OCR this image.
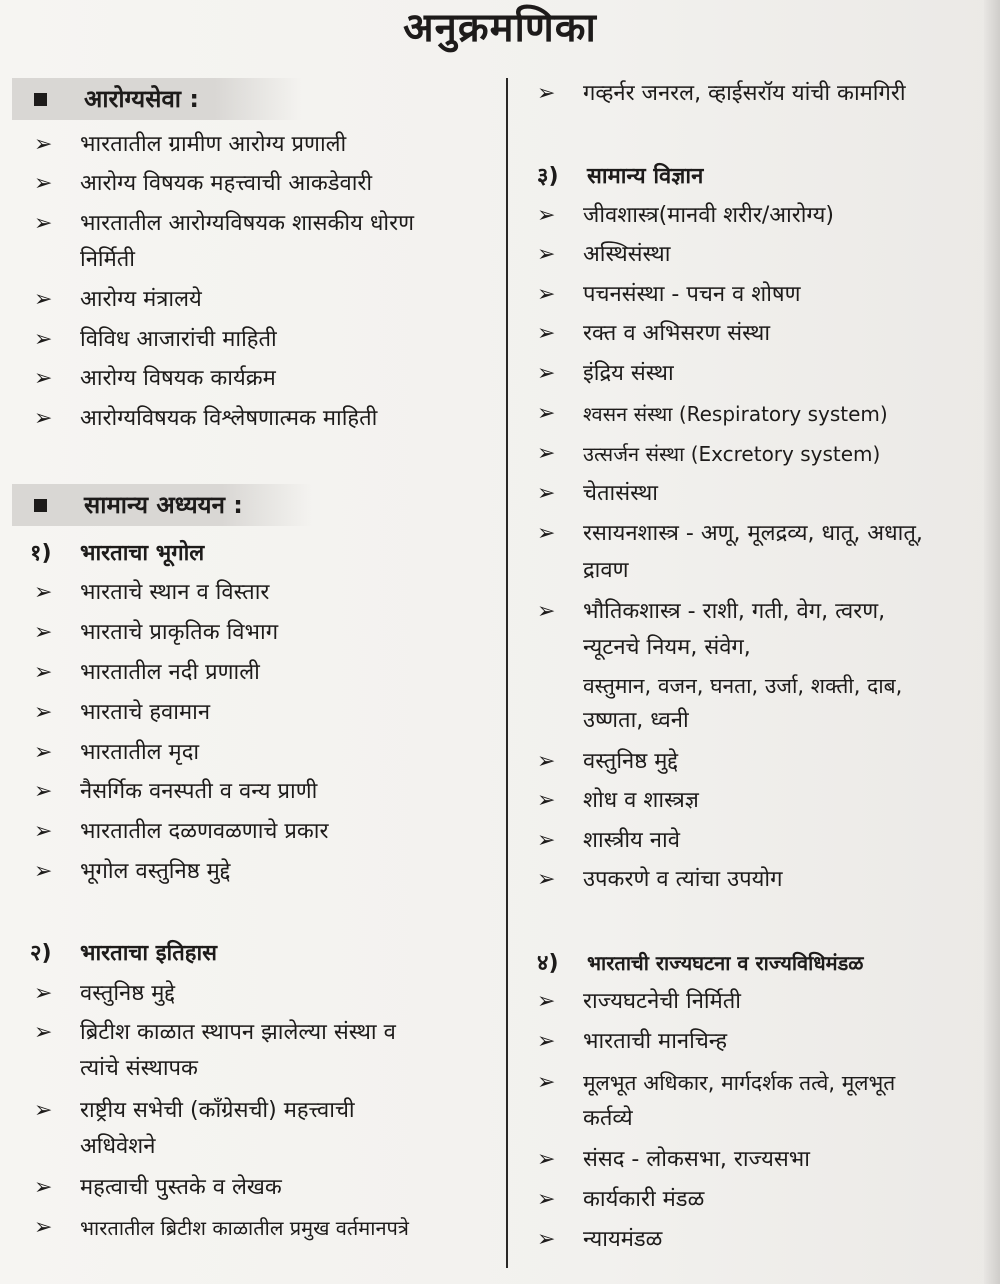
अनुक्रमणिका
आरोग्यसेवा :
➢	भारतातील ग्रामीण आरोग्य प्रणाली
➢	आरोग्य विषयक महत्त्वाची आकडेवारी
➢	भारतातील आरोग्यविषयक शासकीय धोरण
निर्मिती
➢	आरोग्य मंत्रालये
➢	विविध आजारांची माहिती
➢	आरोग्य विषयक कार्यक्रम
➢	आरोग्यविषयक विश्लेषणात्मक माहिती
सामान्य अध्ययन :
१) भारताचा भूगोल
➢	भारताचे स्थान व विस्तार
➢	भारताचे प्राकृतिक विभाग
➢	भारतातील नदी प्रणाली
➢	भारताचे हवामान
➢	भारतातील मृदा
➢	नैसर्गिक वनस्पती व वन्य प्राणी
➢	भारतातील दळणवळणाचे प्रकार
➢	भूगोल वस्तुनिष्ठ मुद्दे
२) भारताचा इतिहास
➢	वस्तुनिष्ठ मुद्दे
➢	ब्रिटीश काळात स्थापन झालेल्या संस्था व
त्यांचे संस्थापक
➢	राष्ट्रीय सभेची (काँग्रेसची) महत्त्वाची
अधिवेशने
➢	महत्वाची पुस्तके व लेखक
➢	भारतातील ब्रिटीश काळातील प्रमुख वर्तमानपत्रे
➢	गव्हर्नर जनरल, व्हाईसरॉय यांची कामगिरी
३) सामान्य विज्ञान
➢	जीवशास्त्र(मानवी शरीर/आरोग्य)
➢	अस्थिसंस्था
➢	पचनसंस्था - पचन व शोषण
➢	रक्त व अभिसरण संस्था
➢	इंद्रिय संस्था
➢	श्वसन संस्था (Respiratory system)
➢	उत्सर्जन संस्था (Excretory system)
➢	चेतासंस्था
➢	रसायनशास्त्र - अणू, मूलद्रव्य, धातू, अधातू,
द्रावण
➢	भौतिकशास्त्र - राशी, गती, वेग, त्वरण,
न्यूटनचे नियम, संवेग,
वस्तुमान, वजन, घनता, उर्जा, शक्ती, दाब,
उष्णता, ध्वनी
➢	वस्तुनिष्ठ मुद्दे
➢	शोध व शास्त्रज्ञ
➢	शास्त्रीय नावे
➢	उपकरणे व त्यांचा उपयोग
४) भारताची राज्यघटना व राज्यविधिमंडळ
➢	राज्यघटनेची निर्मिती
➢	भारताची मानचिन्ह
➢	मूलभूत अधिकार, मार्गदर्शक तत्वे, मूलभूत
कर्तव्ये
➢	संसद - लोकसभा, राज्यसभा
➢	कार्यकारी मंडळ
➢	न्यायमंडळ
